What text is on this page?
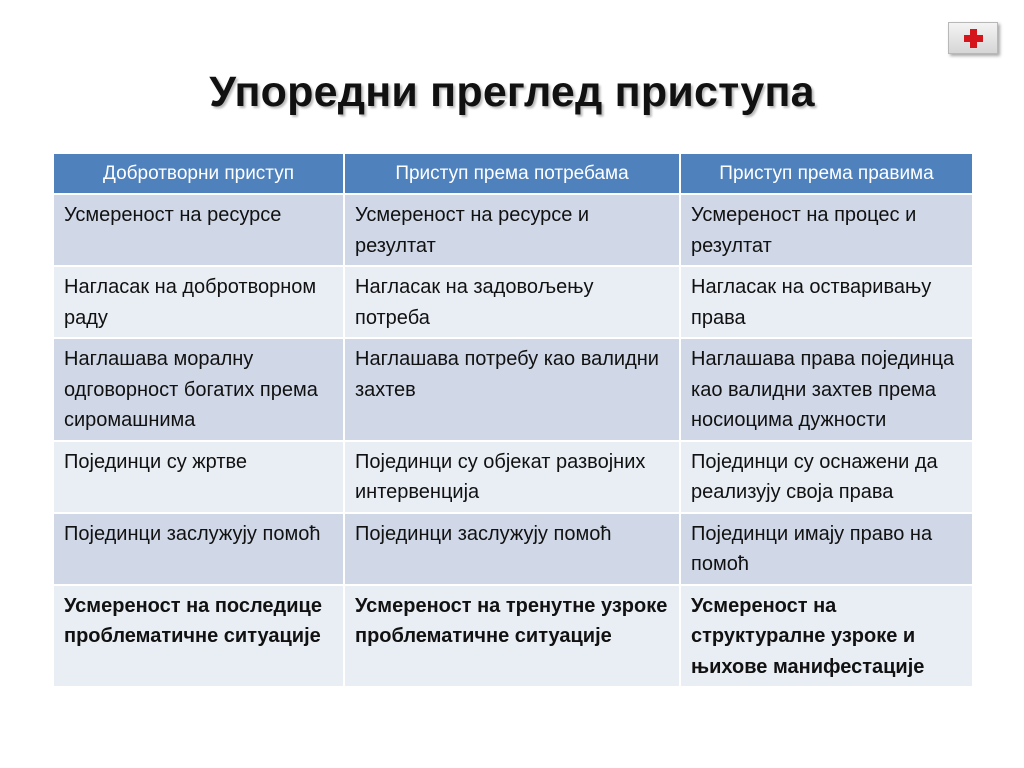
Упоредни преглед приступа
Добротворни приступ	Приступ према потребама	Приступ према правима
Усмереност на ресурсе	Усмереност на ресурсе и резултат	Усмереност на процес и резултат
Нагласак на добротворном раду	Нагласак на задовољењу потреба	Нагласак на остваривању права
Наглашава моралну одговорност богатих према сиромашнима	Наглашава потребу као валидни захтев	Наглашава права појединца као валидни захтев према носиоцима дужности
Појединци су жртве	Појединци су објекат развојних интервенција	Појединци су оснажени да реализују своја права
Појединци заслужују помоћ	Појединци заслужују помоћ	Појединци имају право на помоћ
Усмереност на последице проблематичне ситуације	Усмереност на тренутне узроке проблематичне ситуације	Усмереност на структуралне узроке и њихове манифестације
